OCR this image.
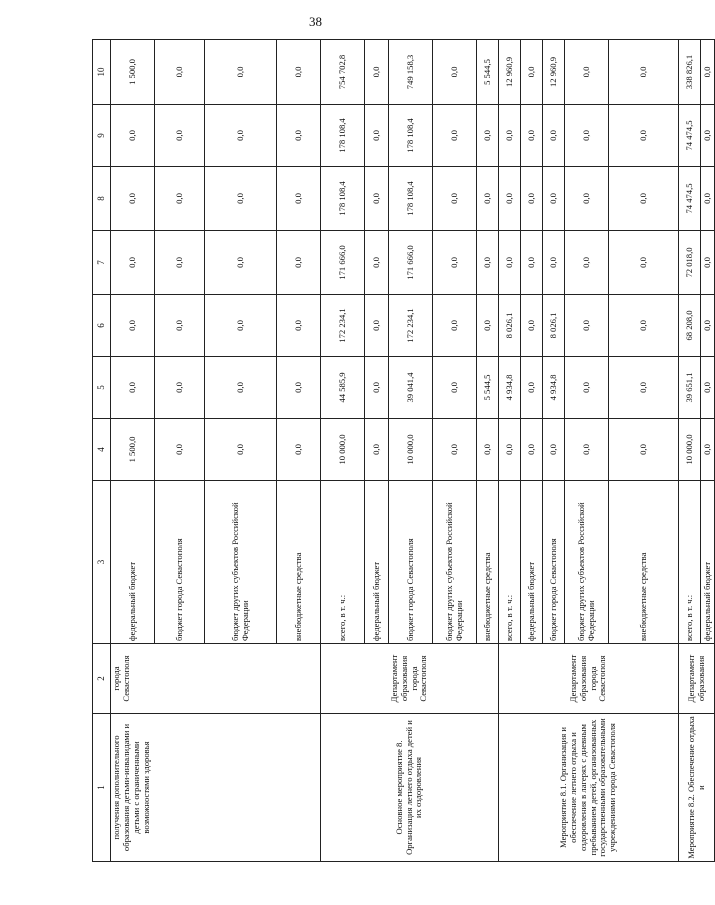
38
1	2	3	4	5	6	7	8	9	10
получения дополнительного образования детьми-инвалидами и детьми с ограниченными возможностями здоровья	города Севастополя	федеральный бюджет	1 500,0	0,0	0,0	0,0	0,0	0,0	1 500,0
		бюджет города Севастополя	0,0	0,0	0,0	0,0	0,0	0,0	0,0
		бюджет других субъектов Российской Федерации	0,0	0,0	0,0	0,0	0,0	0,0	0,0
		внебюджетные средства	0,0	0,0	0,0	0,0	0,0	0,0	0,0
Основное мероприятие 8. Организация летнего отдыха детей и их оздоровления	Департамент образования города Севастополя	всего, в т. ч.:	10 000,0	44 585,9	172 234,1	171 666,0	178 108,4	178 108,4	754 702,8
		федеральный бюджет	0,0	0,0	0,0	0,0	0,0	0,0	0,0
		бюджет города Севастополя	10 000,0	39 041,4	172 234,1	171 666,0	178 108,4	178 108,4	749 158,3
		бюджет других субъектов Российской Федерации	0,0	0,0	0,0	0,0	0,0	0,0	0,0
		внебюджетные средства	0,0	5 544,5	0,0	0,0	0,0	0,0	5 544,5
Мероприятие 8.1. Организация и обеспечение летнего отдыха и оздоровления в лагерях с дневным пребыванием детей, организованных государственными образовательными учреждениями города Севастополя	Департамент образования города Севастополя	всего, в т. ч.:	0,0	4 934,8	8 026,1	0,0	0,0	0,0	12 960,9
		федеральный бюджет	0,0	0,0	0,0	0,0	0,0	0,0	0,0
		бюджет города Севастополя	0,0	4 934,8	8 026,1	0,0	0,0	0,0	12 960,9
		бюджет других субъектов Российской Федерации	0,0	0,0	0,0	0,0	0,0	0,0	0,0
		внебюджетные средства	0,0	0,0	0,0	0,0	0,0	0,0	0,0
Мероприятие 8.2. Обеспечение отдыха и	Департамент образования	всего, в т. ч.:	10 000,0	39 651,1	68 208,0	72 018,0	74 474,5	74 474,5	338 826,1
		федеральный бюджет	0,0	0,0	0,0	0,0	0,0	0,0	0,0
